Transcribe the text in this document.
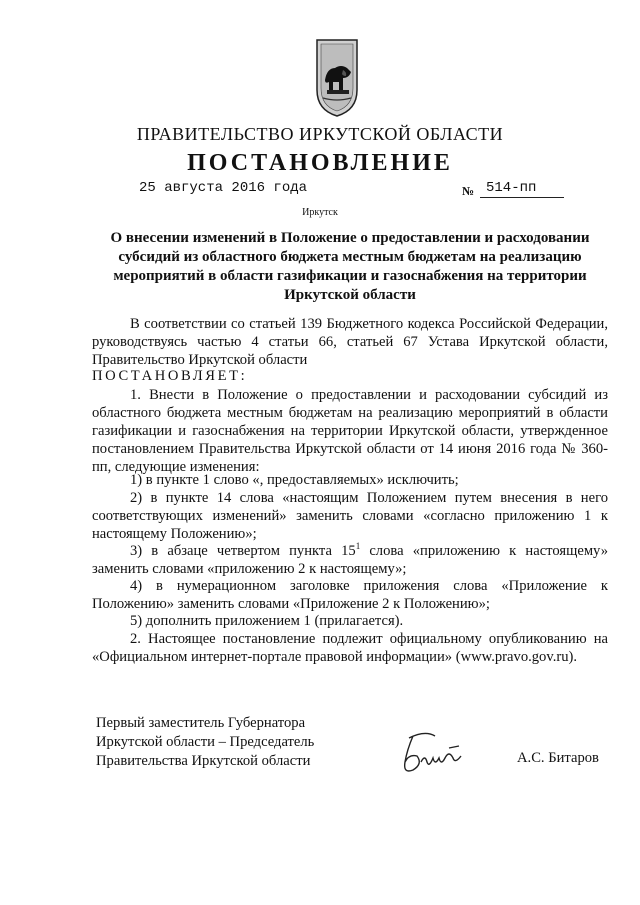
ПРАВИТЕЛЬСТВО ИРКУТСКОЙ ОБЛАСТИ
ПОСТАНОВЛЕНИЕ
25 августа 2016 года	№ 514-пп
Иркутск
О внесении изменений в Положение о предоставлении и расходовании субсидий из областного бюджета местным бюджетам на реализацию мероприятий в области газификации и газоснабжения на территории Иркутской области
В соответствии со статьей 139 Бюджетного кодекса Российской Федерации, руководствуясь частью 4 статьи 66, статьей 67 Устава Иркутской области, Правительство Иркутской области
ПОСТАНОВЛЯЕТ:
1. Внести в Положение о предоставлении и расходовании субсидий из областного бюджета местным бюджетам на реализацию мероприятий в области газификации и газоснабжения на территории Иркутской области, утвержденное постановлением Правительства Иркутской области от 14 июня 2016 года № 360-пп, следующие изменения:
1) в пункте 1 слово «, предоставляемых» исключить;
2) в пункте 14 слова «настоящим Положением путем внесения в него соответствующих изменений» заменить словами «согласно приложению 1 к настоящему Положению»;
3) в абзаце четвертом пункта $15^1$ слова «приложению к настоящему» заменить словами «приложению 2 к настоящему»;
4) в нумерационном заголовке приложения слова «Приложение к Положению» заменить словами «Приложение 2 к Положению»;
5) дополнить приложением 1 (прилагается).
2. Настоящее постановление подлежит официальному опубликованию на «Официальном интернет-портале правовой информации» (www.pravo.gov.ru).
Первый заместитель Губернатора
Иркутской области – Председатель
Правительства Иркутской области	А.С. Битаров
